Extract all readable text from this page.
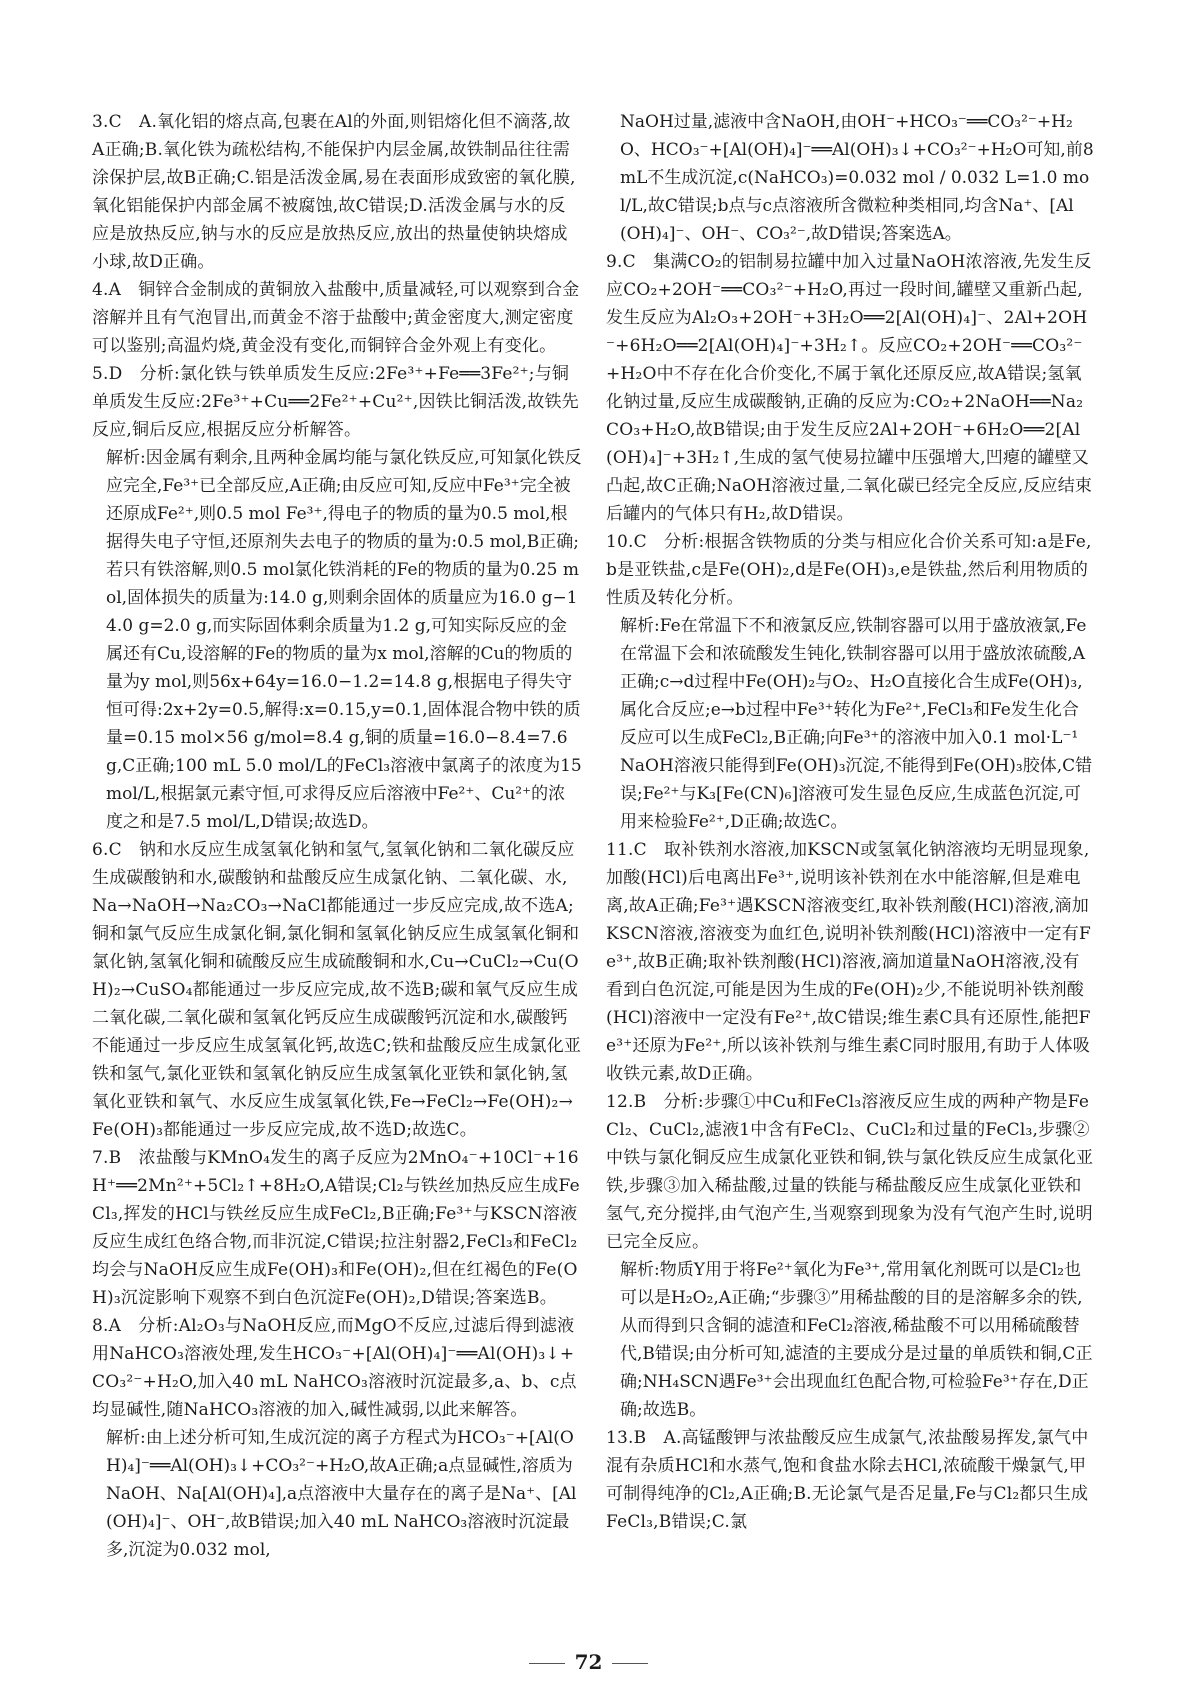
3.C　A.氧化铝的熔点高,包裹在Al的外面,则铝熔化但不滴落,故A正确;B.氧化铁为疏松结构,不能保护内层金属,故铁制品往往需涂保护层,故B正确;C.铝是活泼金属,易在表面形成致密的氧化膜,氧化铝能保护内部金属不被腐蚀,故C错误;D.活泼金属与水的反应是放热反应,钠与水的反应是放热反应,放出的热量使钠块熔成小球,故D正确。

4.A　铜锌合金制成的黄铜放入盐酸中,质量减轻,可以观察到合金溶解并且有气泡冒出,而黄金不溶于盐酸中;黄金密度大,测定密度可以鉴别;高温灼烧,黄金没有变化,而铜锌合金外观上有变化。

5.D　分析:氯化铁与铁单质发生反应:2Fe³⁺+Fe══3Fe²⁺;与铜单质发生反应:2Fe³⁺+Cu══2Fe²⁺+Cu²⁺,因铁比铜活泼,故铁先反应,铜后反应,根据反应分析解答。

解析:因金属有剩余,且两种金属均能与氯化铁反应,可知氯化铁反应完全,Fe³⁺已全部反应,A正确;由反应可知,反应中Fe³⁺完全被还原成Fe²⁺,则0.5 mol Fe³⁺,得电子的物质的量为0.5 mol,根据得失电子守恒,还原剂失去电子的物质的量为:0.5 mol,B正确;若只有铁溶解,则0.5 mol氯化铁消耗的Fe的物质的量为0.25 mol,固体损失的质量为:14.0 g,则剩余固体的质量应为16.0 g−14.0 g=2.0 g,而实际固体剩余质量为1.2 g,可知实际反应的金属还有Cu,设溶解的Fe的物质的量为x mol,溶解的Cu的物质的量为y mol,则56x+64y=16.0−1.2=14.8 g,根据电子得失守恒可得:2x+2y=0.5,解得:x=0.15,y=0.1,固体混合物中铁的质量=0.15 mol×56 g/mol=8.4 g,铜的质量=16.0−8.4=7.6 g,C正确;100 mL 5.0 mol/L的FeCl₃溶液中氯离子的浓度为15 mol/L,根据氯元素守恒,可求得反应后溶液中Fe²⁺、Cu²⁺的浓度之和是7.5 mol/L,D错误;故选D。

6.C　钠和水反应生成氢氧化钠和氢气,氢氧化钠和二氧化碳反应生成碳酸钠和水,碳酸钠和盐酸反应生成氯化钠、二氧化碳、水,Na→NaOH→Na₂CO₃→NaCl都能通过一步反应完成,故不选A;铜和氯气反应生成氯化铜,氯化铜和氢氧化钠反应生成氢氧化铜和氯化钠,氢氧化铜和硫酸反应生成硫酸铜和水,Cu→CuCl₂→Cu(OH)₂→CuSO₄都能通过一步反应完成,故不选B;碳和氧气反应生成二氧化碳,二氧化碳和氢氧化钙反应生成碳酸钙沉淀和水,碳酸钙不能通过一步反应生成氢氧化钙,故选C;铁和盐酸反应生成氯化亚铁和氢气,氯化亚铁和氢氧化钠反应生成氢氧化亚铁和氯化钠,氢氧化亚铁和氧气、水反应生成氢氧化铁,Fe→FeCl₂→Fe(OH)₂→Fe(OH)₃都能通过一步反应完成,故不选D;故选C。

7.B　浓盐酸与KMnO₄发生的离子反应为2MnO₄⁻+10Cl⁻+16H⁺══2Mn²⁺+5Cl₂↑+8H₂O,A错误;Cl₂与铁丝加热反应生成FeCl₃,挥发的HCl与铁丝反应生成FeCl₂,B正确;Fe³⁺与KSCN溶液反应生成红色络合物,而非沉淀,C错误;拉注射器2,FeCl₃和FeCl₂均会与NaOH反应生成Fe(OH)₃和Fe(OH)₂,但在红褐色的Fe(OH)₃沉淀影响下观察不到白色沉淀Fe(OH)₂,D错误;答案选B。

8.A　分析:Al₂O₃与NaOH反应,而MgO不反应,过滤后得到滤液用NaHCO₃溶液处理,发生HCO₃⁻+[Al(OH)₄]⁻══Al(OH)₃↓+CO₃²⁻+H₂O,加入40 mL NaHCO₃溶液时沉淀最多,a、b、c点均显碱性,随NaHCO₃溶液的加入,碱性减弱,以此来解答。

解析:由上述分析可知,生成沉淀的离子方程式为HCO₃⁻+[Al(OH)₄]⁻══Al(OH)₃↓+CO₃²⁻+H₂O,故A正确;a点显碱性,溶质为NaOH、Na[Al(OH)₄],a点溶液中大量存在的离子是Na⁺、[Al(OH)₄]⁻、OH⁻,故B错误;加入40 mL NaHCO₃溶液时沉淀最多,沉淀为0.032 mol,

NaOH过量,滤液中含NaOH,由OH⁻+HCO₃⁻══CO₃²⁻+H₂O、HCO₃⁻+[Al(OH)₄]⁻══Al(OH)₃↓+CO₃²⁻+H₂O可知,前8 mL不生成沉淀,c(NaHCO₃)=0.032 mol / 0.032 L=1.0 mol/L,故C错误;b点与c点溶液所含微粒种类相同,均含Na⁺、[Al(OH)₄]⁻、OH⁻、CO₃²⁻,故D错误;答案选A。

9.C　集满CO₂的铝制易拉罐中加入过量NaOH浓溶液,先发生反应CO₂+2OH⁻══CO₃²⁻+H₂O,再过一段时间,罐壁又重新凸起,发生反应为Al₂O₃+2OH⁻+3H₂O══2[Al(OH)₄]⁻、2Al+2OH⁻+6H₂O══2[Al(OH)₄]⁻+3H₂↑。反应CO₂+2OH⁻══CO₃²⁻+H₂O中不存在化合价变化,不属于氧化还原反应,故A错误;氢氧化钠过量,反应生成碳酸钠,正确的反应为:CO₂+2NaOH══Na₂CO₃+H₂O,故B错误;由于发生反应2Al+2OH⁻+6H₂O══2[Al(OH)₄]⁻+3H₂↑,生成的氢气使易拉罐中压强增大,凹瘪的罐壁又凸起,故C正确;NaOH溶液过量,二氧化碳已经完全反应,反应结束后罐内的气体只有H₂,故D错误。

10.C　分析:根据含铁物质的分类与相应化合价关系可知:a是Fe,b是亚铁盐,c是Fe(OH)₂,d是Fe(OH)₃,e是铁盐,然后利用物质的性质及转化分析。

解析:Fe在常温下不和液氯反应,铁制容器可以用于盛放液氯,Fe在常温下会和浓硫酸发生钝化,铁制容器可以用于盛放浓硫酸,A正确;c→d过程中Fe(OH)₂与O₂、H₂O直接化合生成Fe(OH)₃,属化合反应;e→b过程中Fe³⁺转化为Fe²⁺,FeCl₃和Fe发生化合反应可以生成FeCl₂,B正确;向Fe³⁺的溶液中加入0.1 mol·L⁻¹ NaOH溶液只能得到Fe(OH)₃沉淀,不能得到Fe(OH)₃胶体,C错误;Fe²⁺与K₃[Fe(CN)₆]溶液可发生显色反应,生成蓝色沉淀,可用来检验Fe²⁺,D正确;故选C。

11.C　取补铁剂水溶液,加KSCN或氢氧化钠溶液均无明显现象,加酸(HCl)后电离出Fe³⁺,说明该补铁剂在水中能溶解,但是难电离,故A正确;Fe³⁺遇KSCN溶液变红,取补铁剂酸(HCl)溶液,滴加KSCN溶液,溶液变为血红色,说明补铁剂酸(HCl)溶液中一定有Fe³⁺,故B正确;取补铁剂酸(HCl)溶液,滴加道量NaOH溶液,没有看到白色沉淀,可能是因为生成的Fe(OH)₂少,不能说明补铁剂酸(HCl)溶液中一定没有Fe²⁺,故C错误;维生素C具有还原性,能把Fe³⁺还原为Fe²⁺,所以该补铁剂与维生素C同时服用,有助于人体吸收铁元素,故D正确。

12.B　分析:步骤①中Cu和FeCl₃溶液反应生成的两种产物是FeCl₂、CuCl₂,滤液1中含有FeCl₂、CuCl₂和过量的FeCl₃,步骤②中铁与氯化铜反应生成氯化亚铁和铜,铁与氯化铁反应生成氯化亚铁,步骤③加入稀盐酸,过量的铁能与稀盐酸反应生成氯化亚铁和氢气,充分搅拌,由气泡产生,当观察到现象为没有气泡产生时,说明已完全反应。

解析:物质Y用于将Fe²⁺氧化为Fe³⁺,常用氧化剂既可以是Cl₂也可以是H₂O₂,A正确;“步骤③”用稀盐酸的目的是溶解多余的铁,从而得到只含铜的滤渣和FeCl₂溶液,稀盐酸不可以用稀硫酸替代,B错误;由分析可知,滤渣的主要成分是过量的单质铁和铜,C正确;NH₄SCN遇Fe³⁺会出现血红色配合物,可检验Fe³⁺存在,D正确;故选B。

13.B　A.高锰酸钾与浓盐酸反应生成氯气,浓盐酸易挥发,氯气中混有杂质HCl和水蒸气,饱和食盐水除去HCl,浓硫酸干燥氯气,甲可制得纯净的Cl₂,A正确;B.无论氯气是否足量,Fe与Cl₂都只生成FeCl₃,B错误;C.氯

72
